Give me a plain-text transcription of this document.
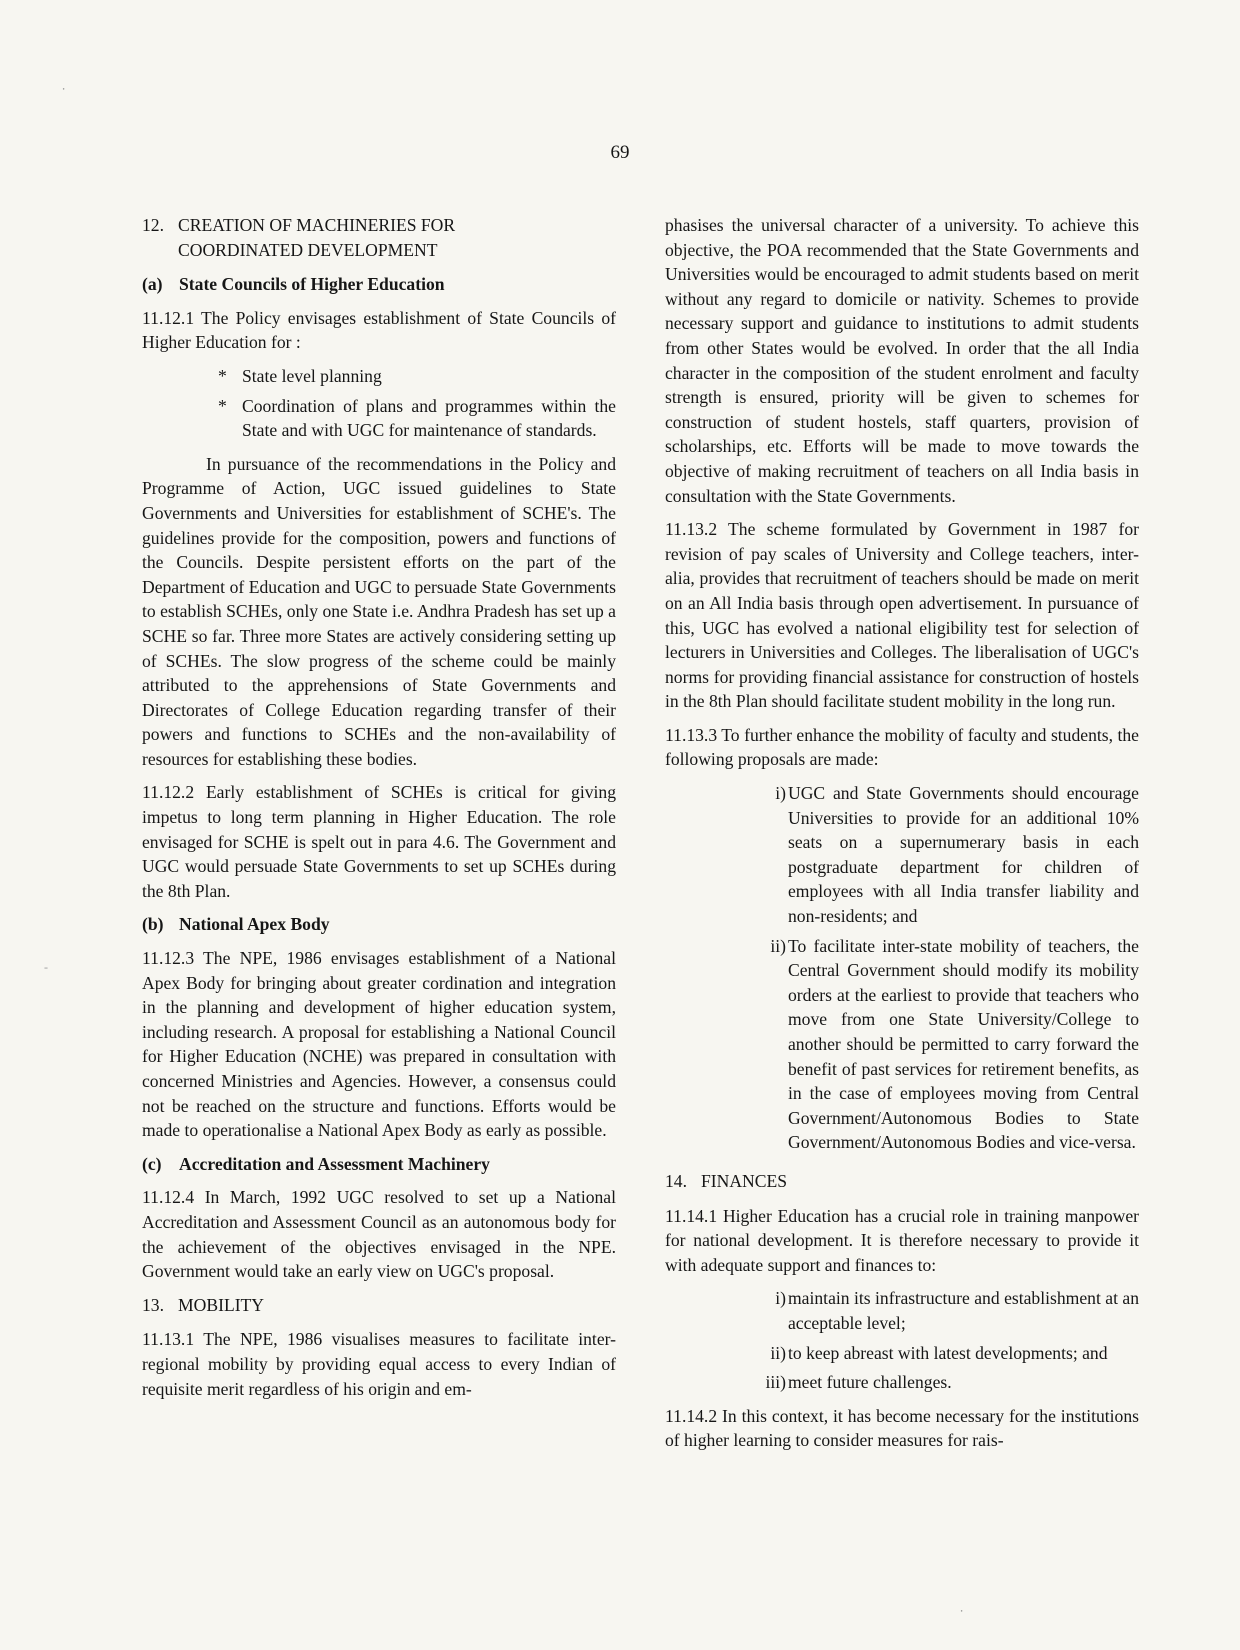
69
12. CREATION OF MACHINERIES FOR
COORDINATED DEVELOPMENT
(a) State Councils of Higher Education

11.12.1 The Policy envisages establishment of State Councils of Higher Education for :

* State level planning
* Coordination of plans and programmes within the State and with UGC for maintenance of standards.

In pursuance of the recommendations in the Policy and Programme of Action, UGC issued guidelines to State Governments and Universities for establishment of SCHE's. The guidelines provide for the composition, powers and functions of the Councils. Despite persistent efforts on the part of the Department of Education and UGC to persuade State Governments to establish SCHEs, only one State i.e. Andhra Pradesh has set up a SCHE so far. Three more States are actively considering setting up of SCHEs. The slow progress of the scheme could be mainly attributed to the apprehensions of State Governments and Directorates of College Education regarding transfer of their powers and functions to SCHEs and the non-availability of resources for establishing these bodies.

11.12.2 Early establishment of SCHEs is critical for giving impetus to long term planning in Higher Education. The role envisaged for SCHE is spelt out in para 4.6. The Government and UGC would persuade State Governments to set up SCHEs during the 8th Plan.

(b) National Apex Body

11.12.3 The NPE, 1986 envisages establishment of a National Apex Body for bringing about greater cordination and integration in the planning and development of higher education system, including research. A proposal for establishing a National Council for Higher Education (NCHE) was prepared in consultation with concerned Ministries and Agencies. However, a consensus could not be reached on the structure and functions. Efforts would be made to operationalise a National Apex Body as early as possible.

(c) Accreditation and Assessment Machinery

11.12.4 In March, 1992 UGC resolved to set up a National Accreditation and Assessment Council as an autonomous body for the achievement of the objectives envisaged in the NPE. Government would take an early view on UGC's proposal.

13. MOBILITY

11.13.1 The NPE, 1986 visualises measures to facilitate inter-regional mobility by providing equal access to every Indian of requisite merit regardless of his origin and em-

phasises the universal character of a university. To achieve this objective, the POA recommended that the State Governments and Universities would be encouraged to admit students based on merit without any regard to domicile or nativity. Schemes to provide necessary support and guidance to institutions to admit students from other States would be evolved. In order that the all India character in the composition of the student enrolment and faculty strength is ensured, priority will be given to schemes for construction of student hostels, staff quarters, provision of scholarships, etc. Efforts will be made to move towards the objective of making recruitment of teachers on all India basis in consultation with the State Governments.

11.13.2 The scheme formulated by Government in 1987 for revision of pay scales of University and College teachers, inter-alia, provides that recruitment of teachers should be made on merit on an All India basis through open advertisement. In pursuance of this, UGC has evolved a national eligibility test for selection of lecturers in Universities and Colleges. The liberalisation of UGC's norms for providing financial assistance for construction of hostels in the 8th Plan should facilitate student mobility in the long run.

11.13.3 To further enhance the mobility of faculty and students, the following proposals are made:

i) UGC and State Governments should encourage Universities to provide for an additional 10% seats on a supernumerary basis in each postgraduate department for children of employees with all India transfer liability and non-residents; and
ii) To facilitate inter-state mobility of teachers, the Central Government should modify its mobility orders at the earliest to provide that teachers who move from one State University/College to another should be permitted to carry forward the benefit of past services for retirement benefits, as in the case of employees moving from Central Government/Autonomous Bodies to State Government/Autonomous Bodies and vice-versa.
14. FINANCES

11.14.1 Higher Education has a crucial role in training manpower for national development. It is therefore necessary to provide it with adequate support and finances to:

i) maintain its infrastructure and establishment at an acceptable level;
ii) to keep abreast with latest developments; and
iii) meet future challenges.

11.14.2 In this context, it has become necessary for the institutions of higher learning to consider measures for rais-

⸳
‐
⸳
